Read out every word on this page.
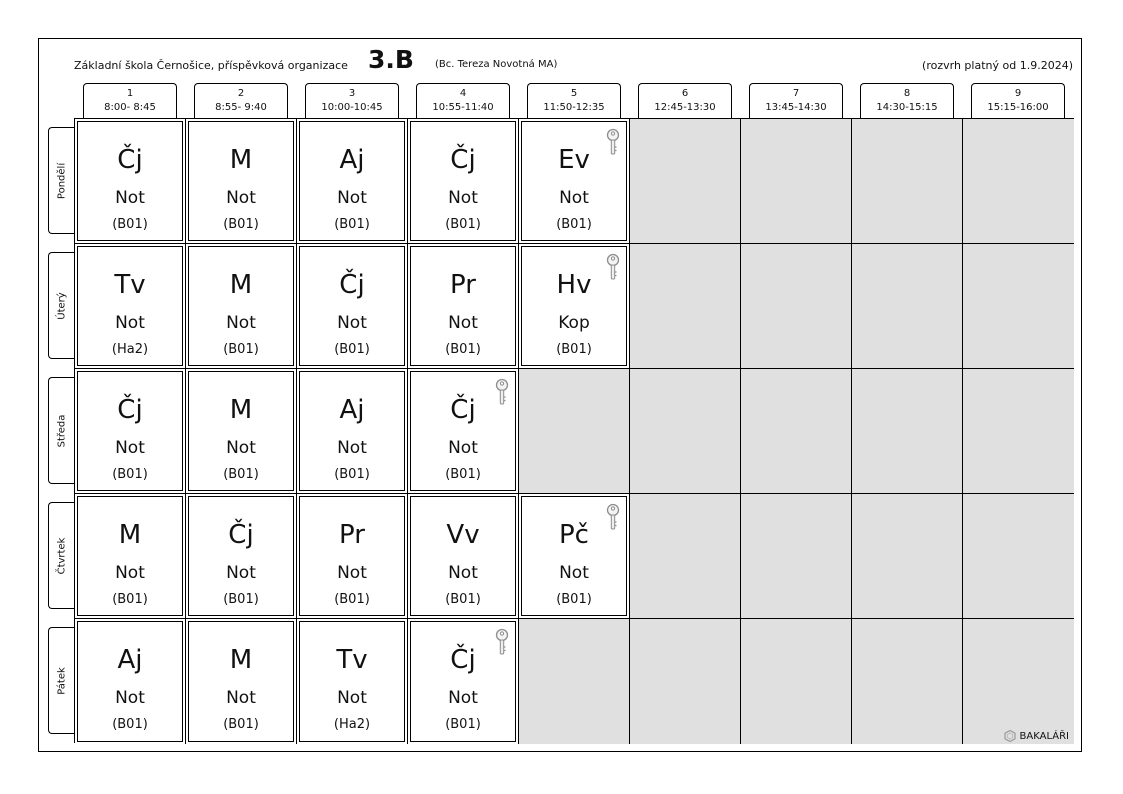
Základní škola Černošice, příspěvková organizace 3.B (Bc. Tereza Novotná MA)	(rozvrh platný od 1.9.2024)
1
8:00- 8:45
2
8:55- 9:40
3
10:00-10:45
4
10:55-11:40
5
11:50-12:35
6
12:45-13:30
7
13:45-14:30
8
14:30-15:15
9
15:15-16:00
Pondělí
Úterý
Středa
Čtvrtek
Pátek
Čj
Not
(B01)
M
Not
(B01)
Aj
Not
(B01)
Čj
Not
(B01)
Ev
Not
(B01)
Tv
Not
(Ha2)
M
Not
(B01)
Čj
Not
(B01)
Pr
Not
(B01)
Hv
Kop
(B01)
Čj
Not
(B01)
M
Not
(B01)
Aj
Not
(B01)
Čj
Not
(B01)
M
Not
(B01)
Čj
Not
(B01)
Pr
Not
(B01)
Vv
Not
(B01)
Pč
Not
(B01)
Aj
Not
(B01)
M
Not
(B01)
Tv
Not
(Ha2)
Čj
Not
(B01)
BAKALÁŘI
